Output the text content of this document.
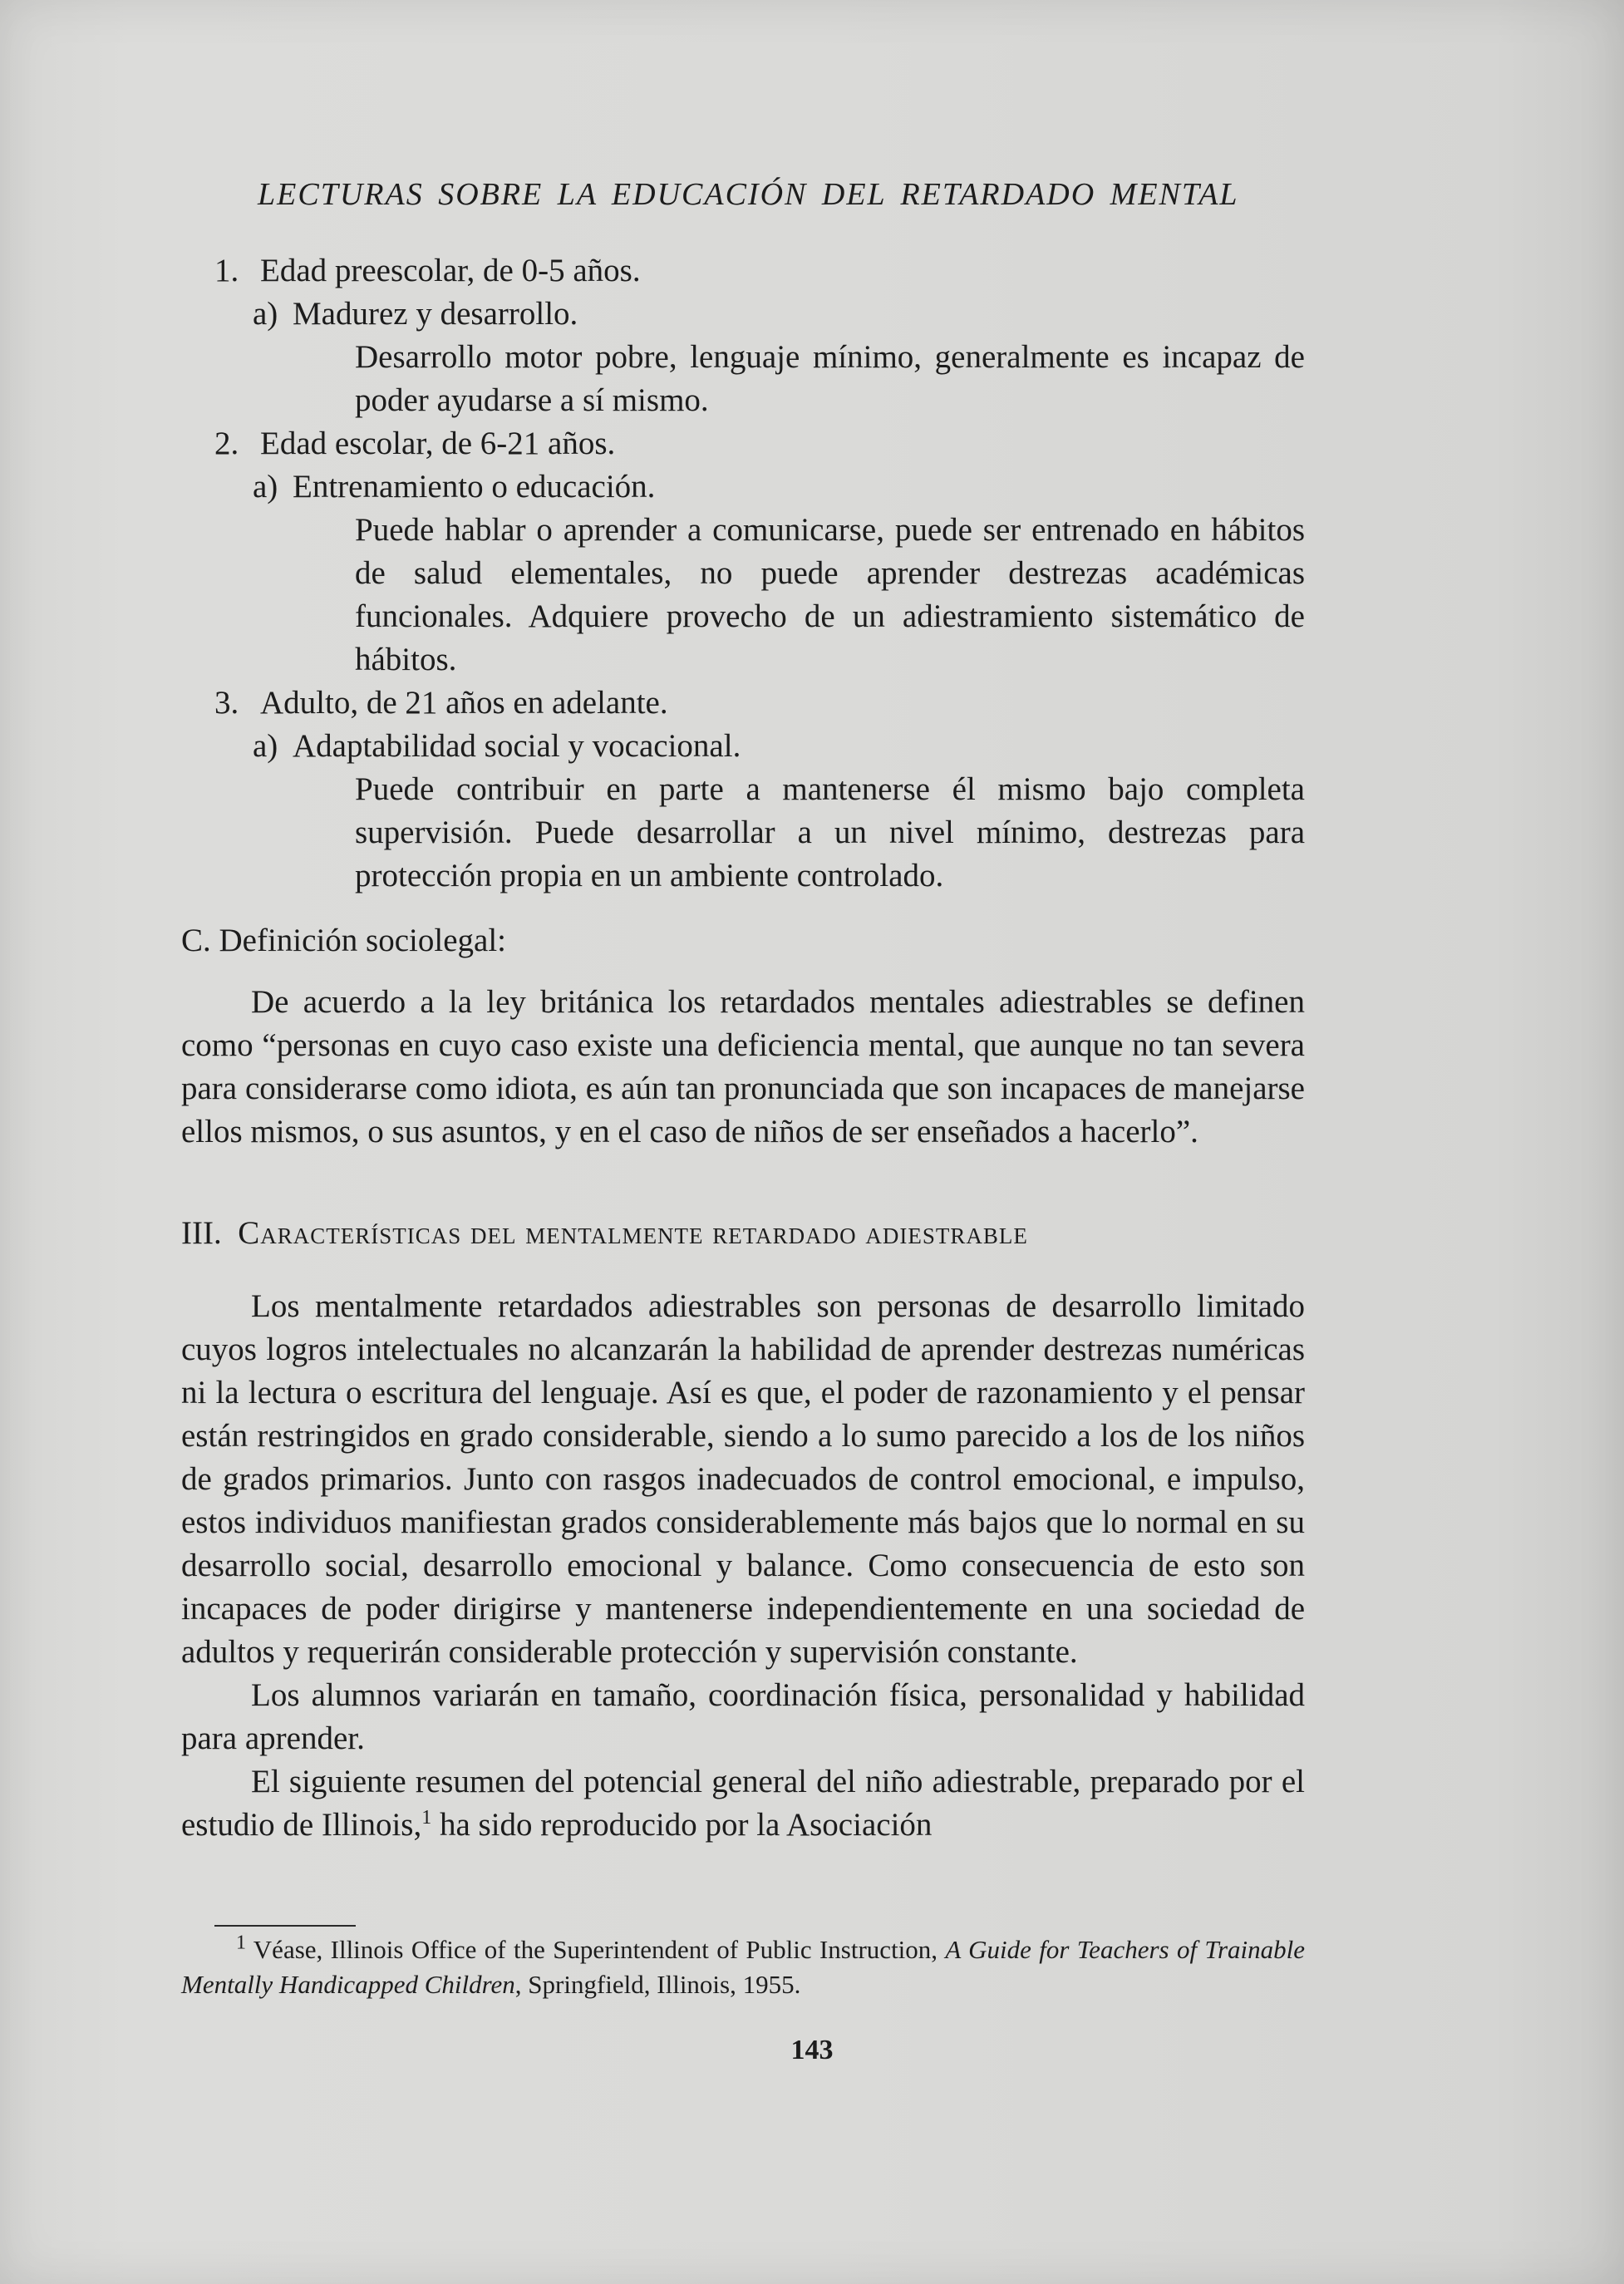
LECTURAS SOBRE LA EDUCACIÓN DEL RETARDADO MENTAL

1. Edad preescolar, de 0-5 años.

a) Madurez y desarrollo.

Desarrollo motor pobre, lenguaje mínimo, generalmente es incapaz de poder ayudarse a sí mismo.

2. Edad escolar, de 6-21 años.

a) Entrenamiento o educación.

Puede hablar o aprender a comunicarse, puede ser entrenado en hábitos de salud elementales, no puede aprender destrezas académicas funcionales. Adquiere provecho de un adiestramiento sistemático de hábitos.

3. Adulto, de 21 años en adelante.

a) Adaptabilidad social y vocacional.

Puede contribuir en parte a mantenerse él mismo bajo completa supervisión. Puede desarrollar a un nivel mínimo, destrezas para protección propia en un ambiente controlado.

C. Definición sociolegal:

De acuerdo a la ley británica los retardados mentales adiestrables se definen como “personas en cuyo caso existe una deficiencia mental, que aunque no tan severa para considerarse como idiota, es aún tan pronunciada que son incapaces de manejarse ellos mismos, o sus asuntos, y en el caso de niños de ser enseñados a hacerlo”.

III. Características del mentalmente retardado adiestrable

Los mentalmente retardados adiestrables son personas de desarrollo limitado cuyos logros intelectuales no alcanzarán la habilidad de aprender destrezas numéricas ni la lectura o escritura del lenguaje. Así es que, el poder de razonamiento y el pensar están restringidos en grado considerable, siendo a lo sumo parecido a los de los niños de grados primarios. Junto con rasgos inadecuados de control emocional, e impulso, estos individuos manifiestan grados considerablemente más bajos que lo normal en su desarrollo social, desarrollo emocional y balance. Como consecuencia de esto son incapaces de poder dirigirse y mantenerse independientemente en una sociedad de adultos y requerirán considerable protección y supervisión constante.

Los alumnos variarán en tamaño, coordinación física, personalidad y habilidad para aprender.

El siguiente resumen del potencial general del niño adiestrable, preparado por el estudio de Illinois,$^1$ ha sido reproducido por la Asociación

$^1$ Véase, Illinois Office of the Superintendent of Public Instruction, A Guide for Teachers of Trainable Mentally Handicapped Children, Springfield, Illinois, 1955.

143
